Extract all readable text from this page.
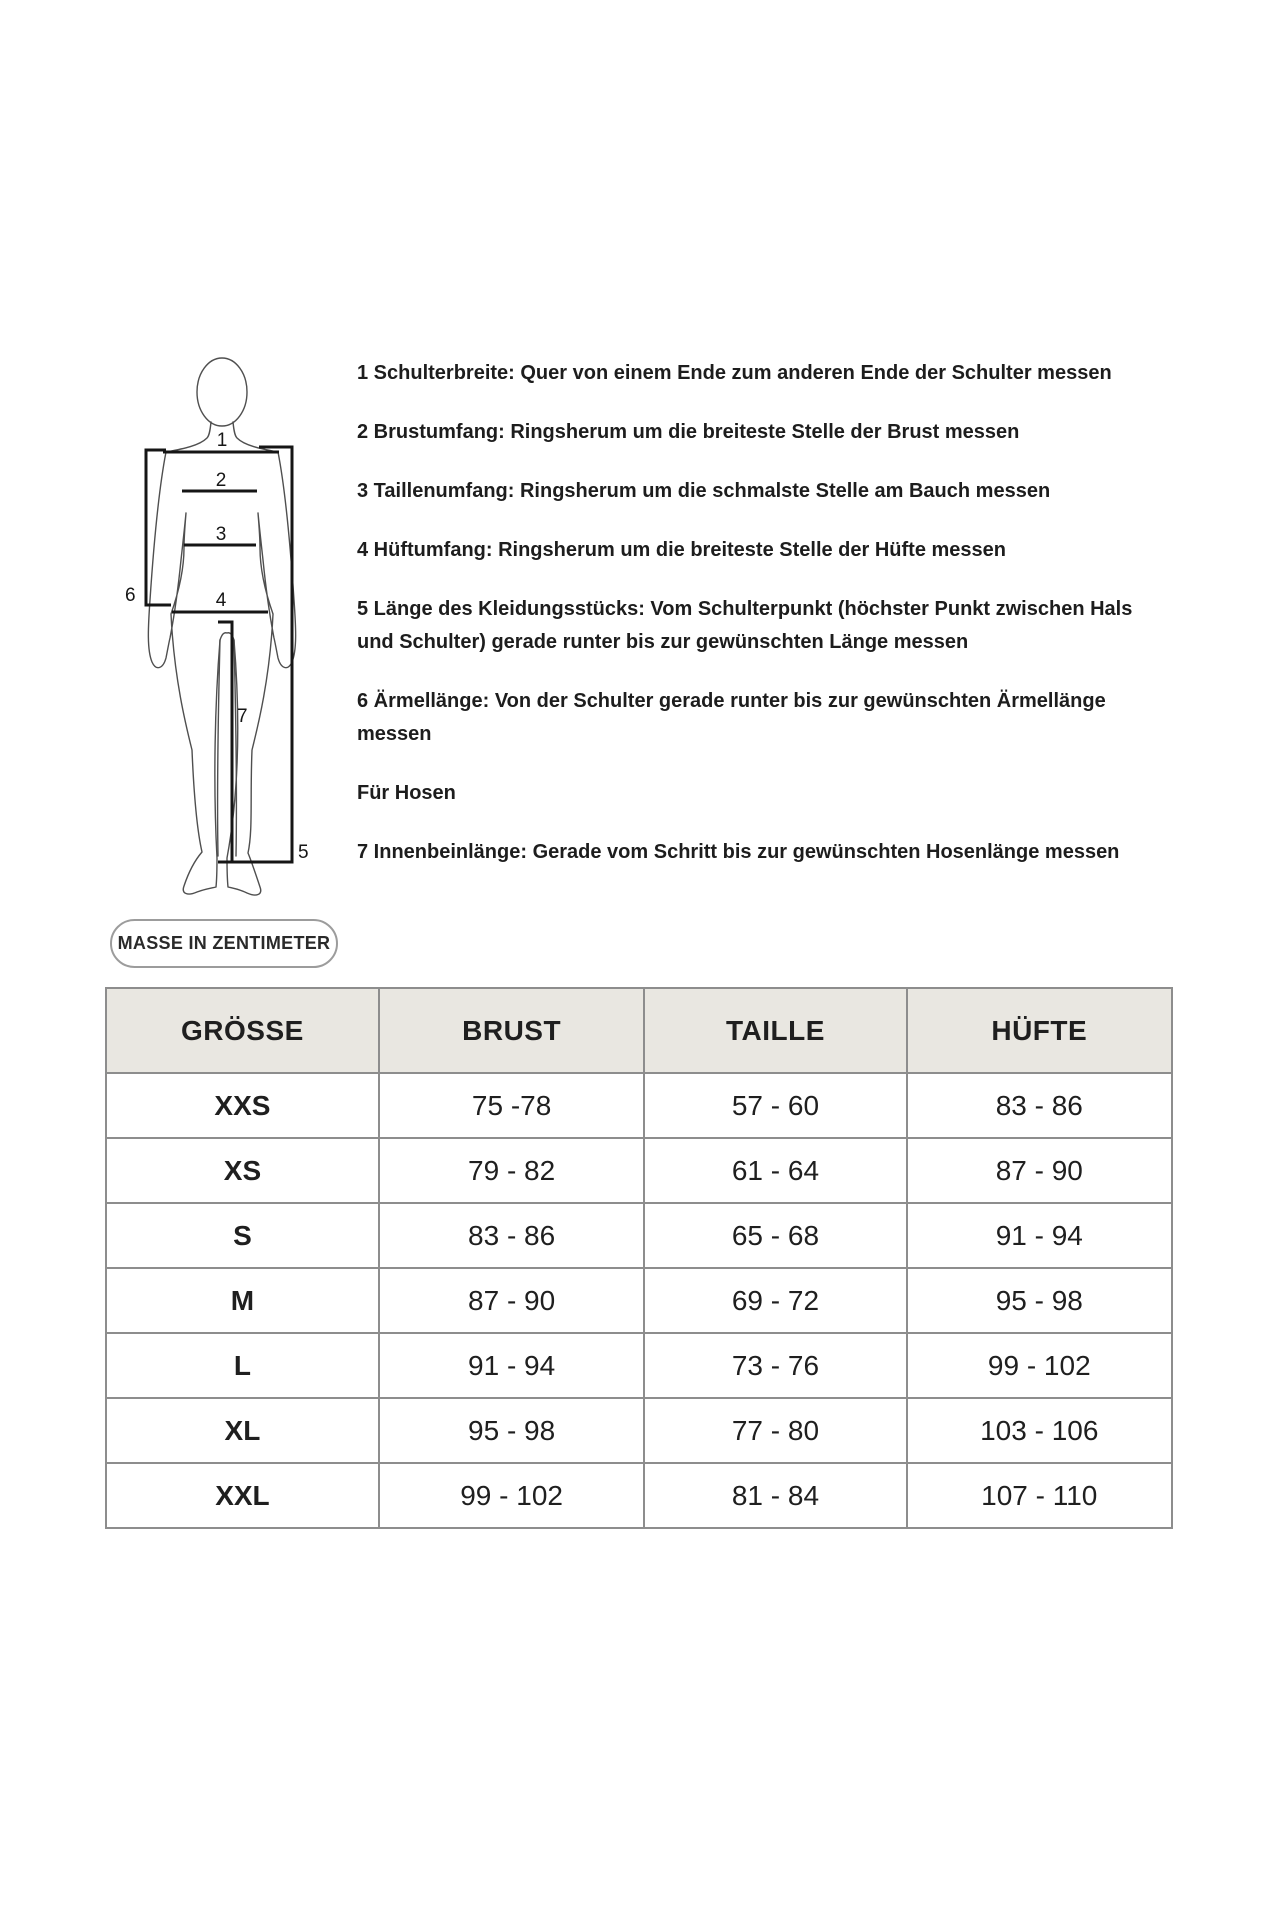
1
2
3
4
5
6
7
MASSE IN ZENTIMETER

1 Schulterbreite: Quer von einem Ende zum anderen Ende der Schulter messen

2 Brustumfang: Ringsherum um die breiteste Stelle der Brust messen

3 Taillenumfang: Ringsherum um die schmalste Stelle am Bauch messen

4 Hüftumfang: Ringsherum um die breiteste Stelle der Hüfte messen

5 Länge des Kleidungsstücks: Vom Schulterpunkt (höchster Punkt zwischen Hals und Schulter) gerade runter bis zur gewünschten Länge messen

6 Ärmellänge: Von der Schulter gerade runter bis zur gewünschten Ärmellänge messen

Für Hosen

7 Innenbeinlänge: Gerade vom Schritt bis zur gewünschten Hosenlänge messen

GRÖSSE	BRUST	TAILLE	HÜFTE
XXS	75 -78	57 - 60	83 - 86
XS	79 - 82	61 - 64	87 - 90
S	83 - 86	65 - 68	91 - 94
M	87 - 90	69 - 72	95 - 98
L	91 - 94	73 - 76	99 - 102
XL	95 - 98	77 - 80	103 - 106
XXL	99 - 102	81 - 84	107 - 110
